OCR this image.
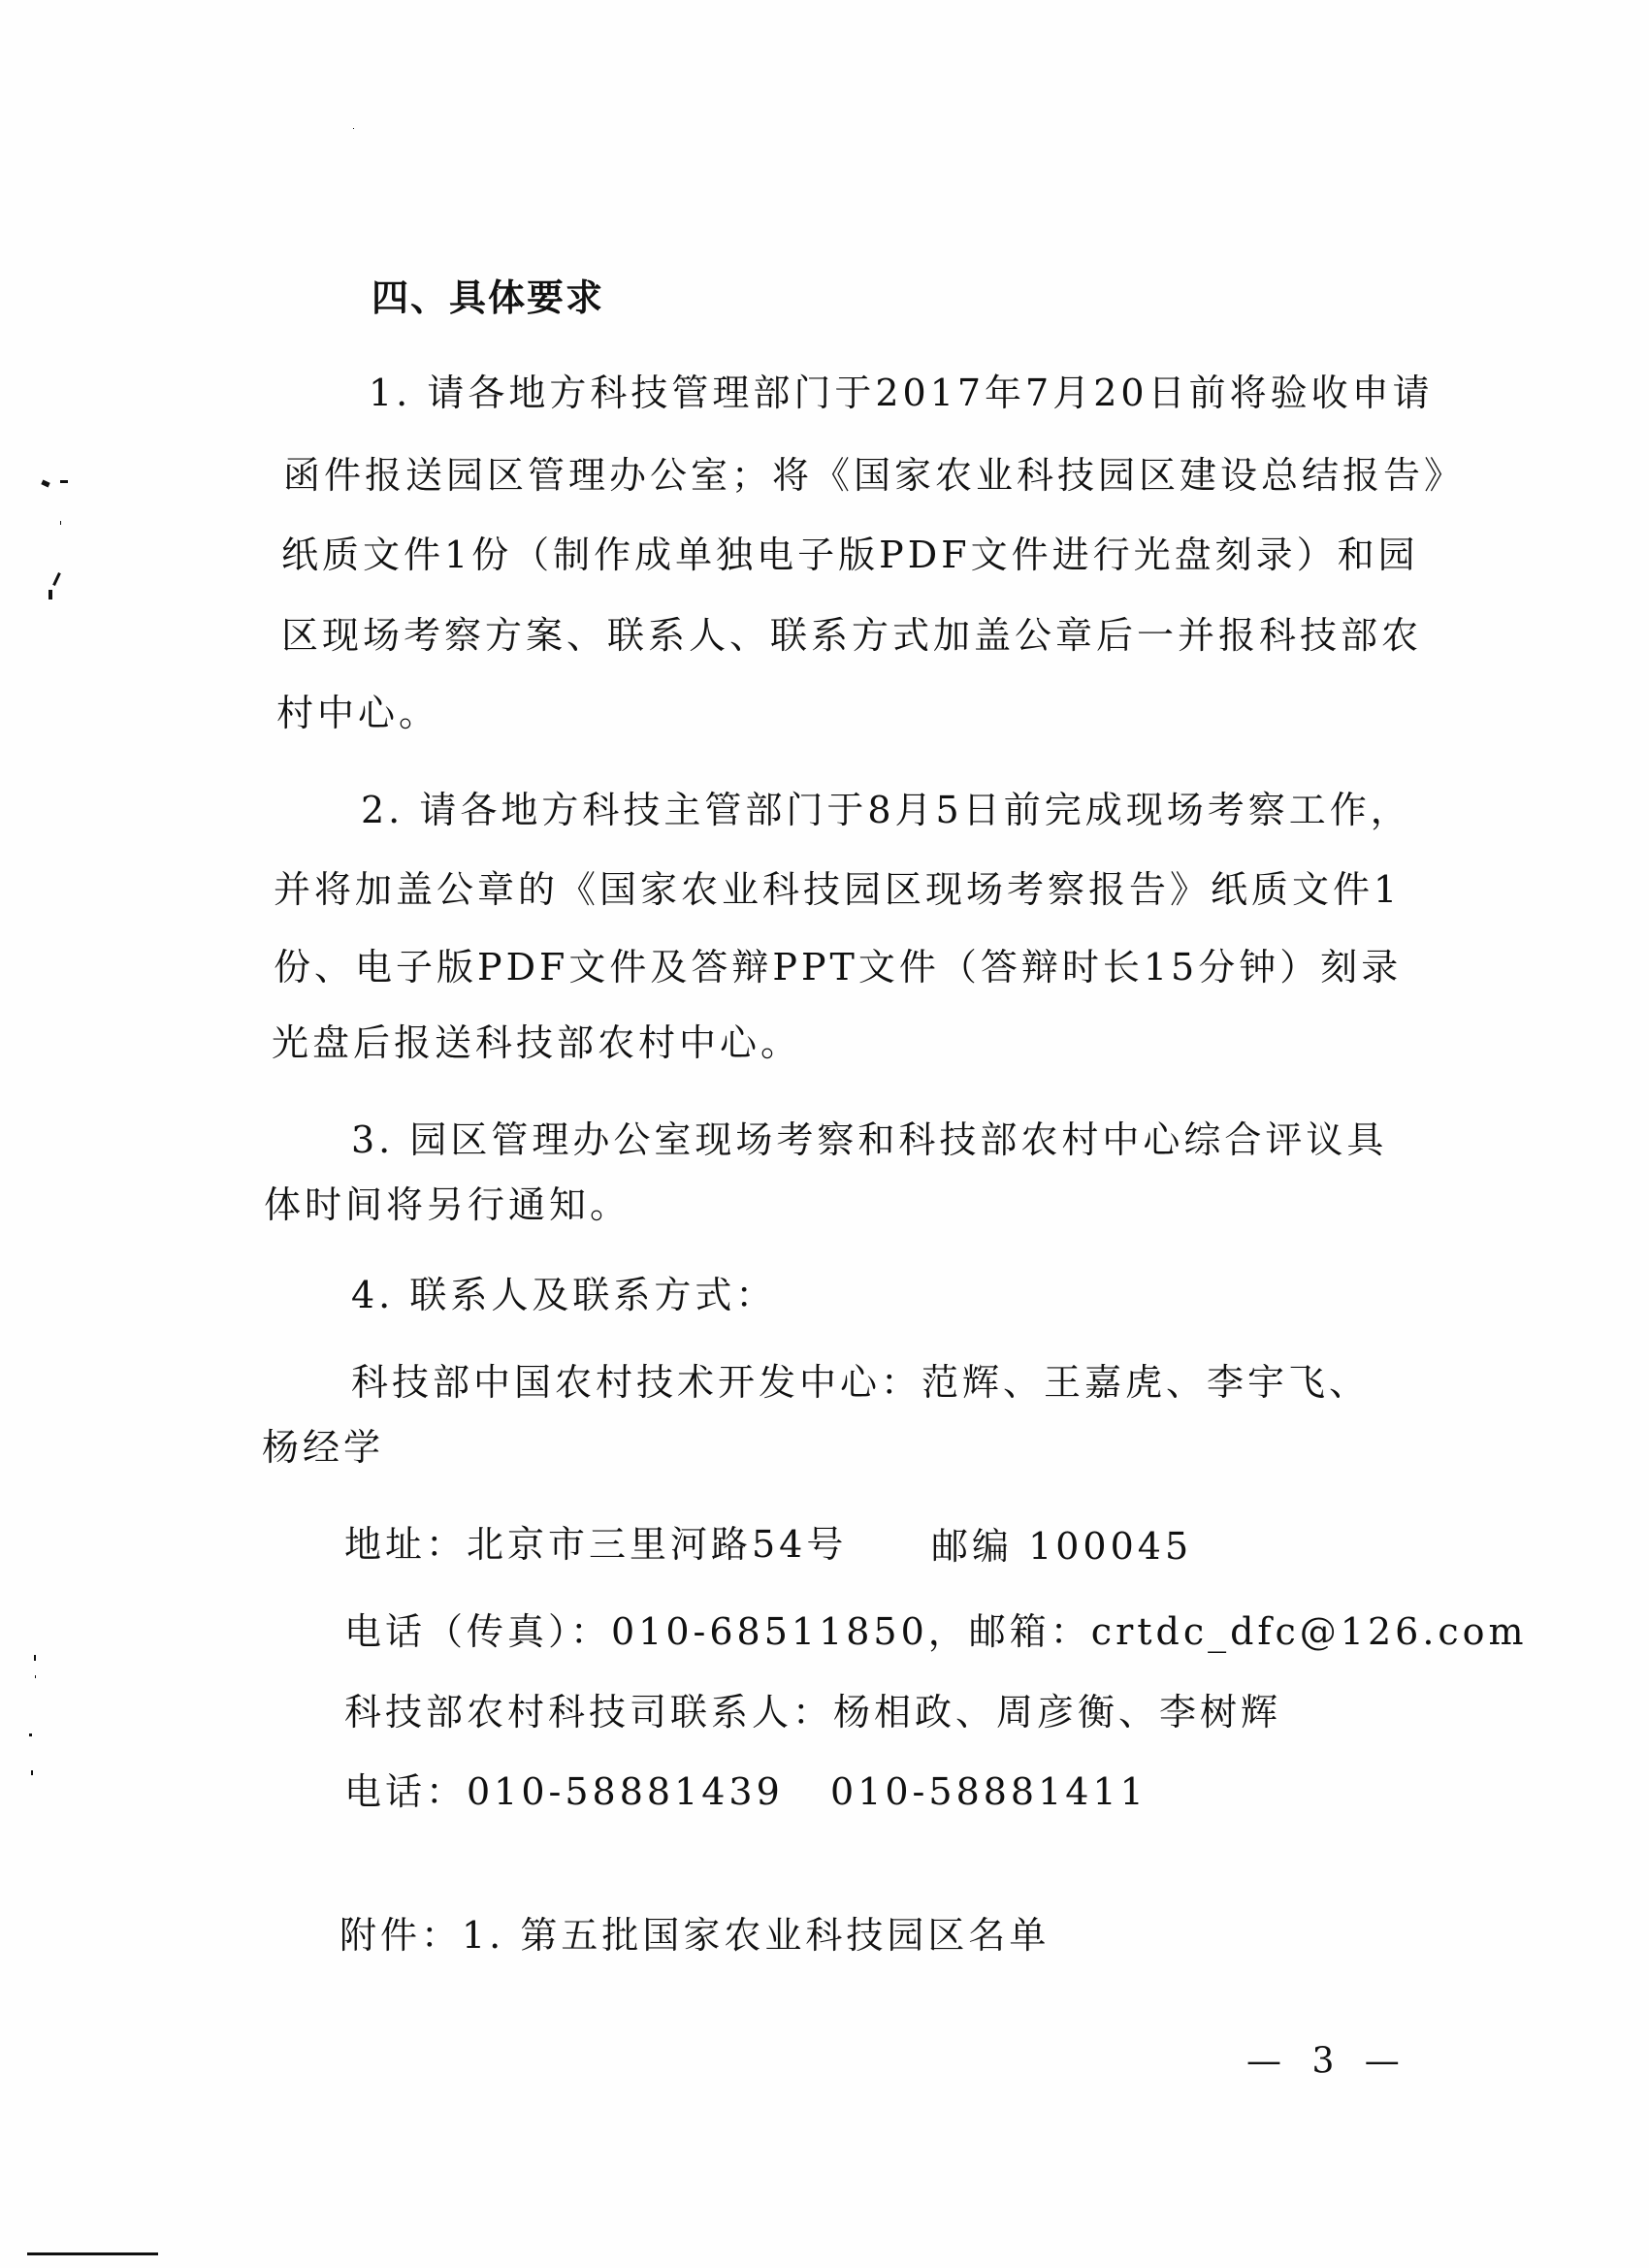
四、具体要求
1. 请各地方科技管理部门于2017年7月20日前将验收申请
函件报送园区管理办公室；将《国家农业科技园区建设总结报告》
纸质文件1份（制作成单独电子版PDF文件进行光盘刻录）和园
区现场考察方案、联系人、联系方式加盖公章后一并报科技部农
村中心。
2. 请各地方科技主管部门于8月5日前完成现场考察工作，
并将加盖公章的《国家农业科技园区现场考察报告》纸质文件1
份、电子版PDF文件及答辩PPT文件（答辩时长15分钟）刻录
光盘后报送科技部农村中心。
3. 园区管理办公室现场考察和科技部农村中心综合评议具
体时间将另行通知。
4. 联系人及联系方式：
科技部中国农村技术开发中心：范辉、王嘉虎、李宇飞、
杨经学
地址：北京市三里河路54号 邮编 100045
电话（传真）：010-68511850，邮箱：crtdc_dfc@126.com
科技部农村科技司联系人：杨相政、周彦衡、李树辉
电话：010-58881439   010-58881411
附件：1. 第五批国家农业科技园区名单
— 3 —
